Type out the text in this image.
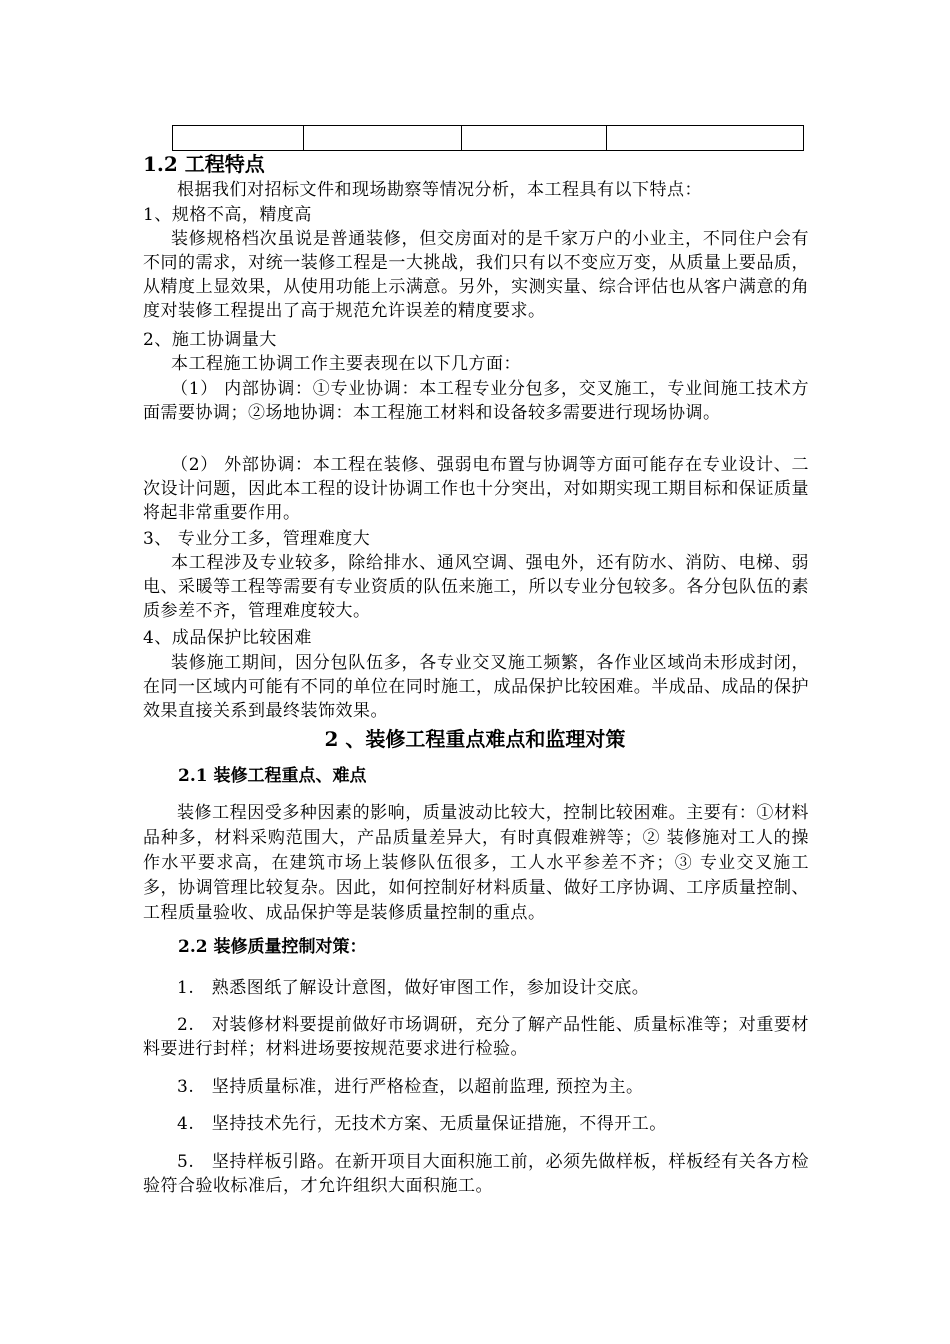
1.2 工程特点
根据我们对招标文件和现场勘察等情况分析，本工程具有以下特点：
1、规格不高，精度高
装修规格档次虽说是普通装修，但交房面对的是千家万户的小业主，不同住户会有不同的需求，对统一装修工程是一大挑战，我们只有以不变应万变，从质量上要品质，从精度上显效果，从使用功能上示满意。另外，实测实量、综合评估也从客户满意的角度对装修工程提出了高于规范允许误差的精度要求。
2、施工协调量大
本工程施工协调工作主要表现在以下几方面：
（1） 内部协调：①专业协调：本工程专业分包多，交叉施工，专业间施工技术方面需要协调；②场地协调：本工程施工材料和设备较多需要进行现场协调。
（2） 外部协调：本工程在装修、强弱电布置与协调等方面可能存在专业设计、二次设计问题，因此本工程的设计协调工作也十分突出，对如期实现工期目标和保证质量将起非常重要作用。
3、 专业分工多，管理难度大
本工程涉及专业较多，除给排水、通风空调、强电外，还有防水、消防、电梯、弱电、采暖等工程等需要有专业资质的队伍来施工，所以专业分包较多。各分包队伍的素质参差不齐，管理难度较大。
4、成品保护比较困难
装修施工期间，因分包队伍多，各专业交叉施工频繁，各作业区域尚未形成封闭，在同一区域内可能有不同的单位在同时施工，成品保护比较困难。半成品、成品的保护效果直接关系到最终装饰效果。
2 、装修工程重点难点和监理对策
2.1 装修工程重点、难点
装修工程因受多种因素的影响，质量波动比较大，控制比较困难。主要有：①材料品种多，材料采购范围大，产品质量差异大，有时真假难辨等；② 装修施对工人的操作水平要求高，在建筑市场上装修队伍很多，工人水平参差不齐；③ 专业交叉施工多，协调管理比较复杂。因此，如何控制好材料质量、做好工序协调、工序质量控制、工程质量验收、成品保护等是装修质量控制的重点。
2.2 装修质量控制对策：
1.　熟悉图纸了解设计意图，做好审图工作，参加设计交底。
2.　对装修材料要提前做好市场调研，充分了解产品性能、质量标准等；对重要材料要进行封样；材料进场要按规范要求进行检验。
3.　坚持质量标准，进行严格检查，以超前监理, 预控为主。
4.　坚持技术先行，无技术方案、无质量保证措施，不得开工。
5.　坚持样板引路。在新开项目大面积施工前，必须先做样板，样板经有关各方检验符合验收标准后，才允许组织大面积施工。
